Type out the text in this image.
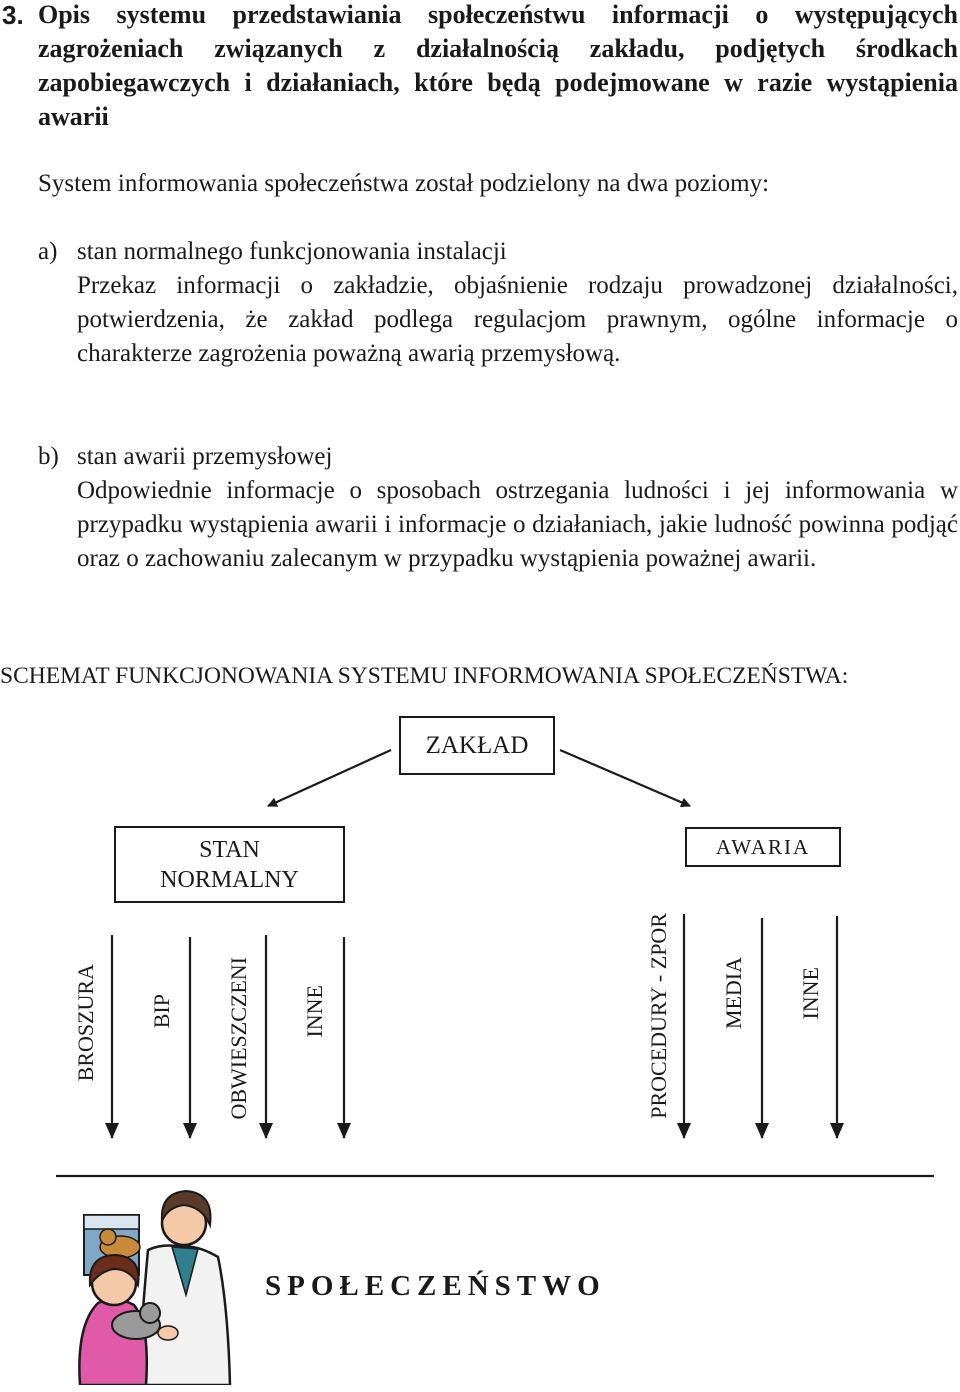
3. Opis systemu przedstawiania społeczeństwu informacji o występujących zagrożeniach związanych z działalnością zakładu, podjętych środkach zapobiegawczych i działaniach, które będą podejmowane w razie wystąpienia awarii
System informowania społeczeństwa został podzielony na dwa poziomy:
a) stan normalnego funkcjonowania instalacji
Przekaz informacji o zakładzie, objaśnienie rodzaju prowadzonej działalności, potwierdzenia, że zakład podlega regulacjom prawnym, ogólne informacje o charakterze zagrożenia poważną awarią przemysłową.
b) stan awarii przemysłowej
Odpowiednie informacje o sposobach ostrzegania ludności i jej informowania w przypadku wystąpienia awarii i informacje o działaniach, jakie ludność powinna podjąć oraz o zachowaniu zalecanym w przypadku wystąpienia poważnej awarii.
SCHEMAT FUNKCJONOWANIA SYSTEMU INFORMOWANIA SPOŁECZEŃSTWA:
ZAKŁAD
STAN
NORMALNY
AWARIA
BROSZURA BIP OBWIESZCZENI INNE	PROCEDURY - ZPOR MEDIA INNE
SPOŁECZEŃSTWO
